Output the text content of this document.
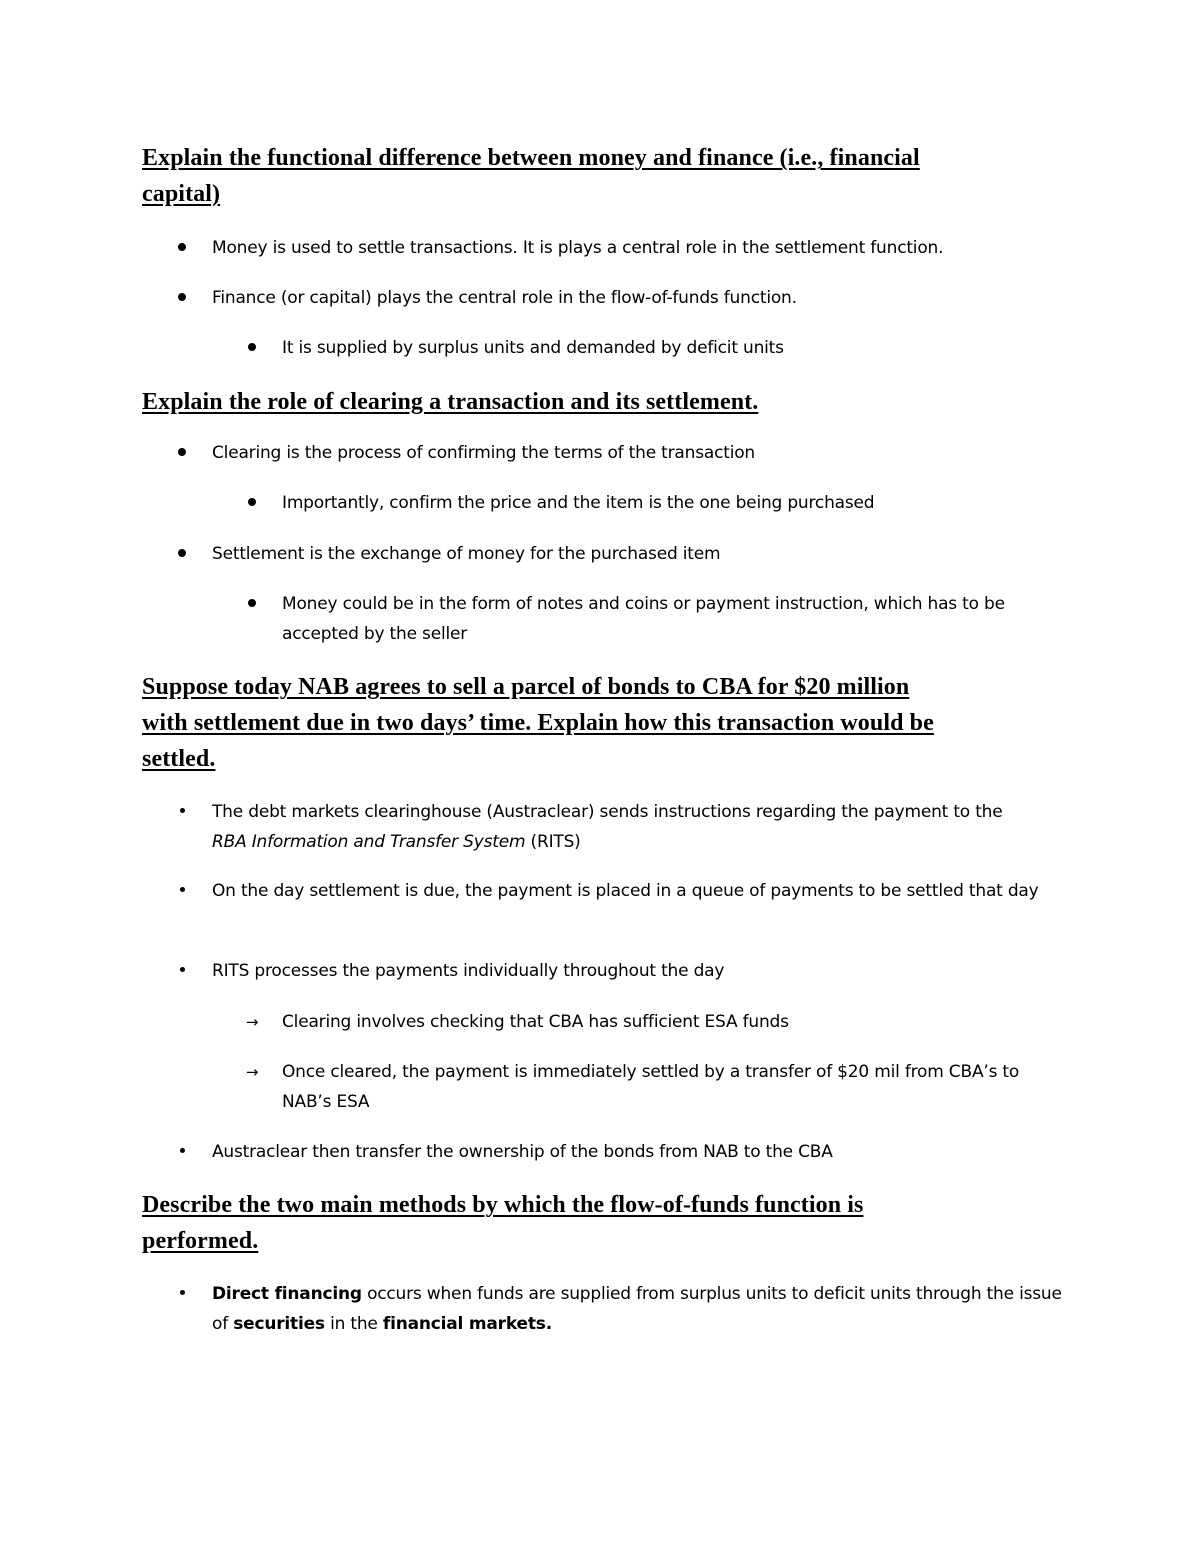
Explain the functional difference between money and finance (i.e., financial
capital)
Money is used to settle transactions. It is plays a central role in the settlement function.
Finance (or capital) plays the central role in the flow-of-funds function.
It is supplied by surplus units and demanded by deficit units
Explain the role of clearing a transaction and its settlement.
Clearing is the process of confirming the terms of the transaction
Importantly, confirm the price and the item is the one being purchased
Settlement is the exchange of money for the purchased item
Money could be in the form of notes and coins or payment instruction, which has to be accepted by the seller
Suppose today NAB agrees to sell a parcel of bonds to CBA for $20 million
with settlement due in two days’ time. Explain how this transaction would be
settled.
The debt markets clearinghouse (Austraclear) sends instructions regarding the payment to the
RBA Information and Transfer System (RITS)
On the day settlement is due, the payment is placed in a queue of payments to be settled that day
RITS processes the payments individually throughout the day
→ Clearing involves checking that CBA has sufficient ESA funds
→ Once cleared, the payment is immediately settled by a transfer of $20 mil from CBA’s to NAB’s ESA
Austraclear then transfer the ownership of the bonds from NAB to the CBA
Describe the two main methods by which the flow-of-funds function is
performed.
Direct financing occurs when funds are supplied from surplus units to deficit units through the issue of securities in the financial markets.
